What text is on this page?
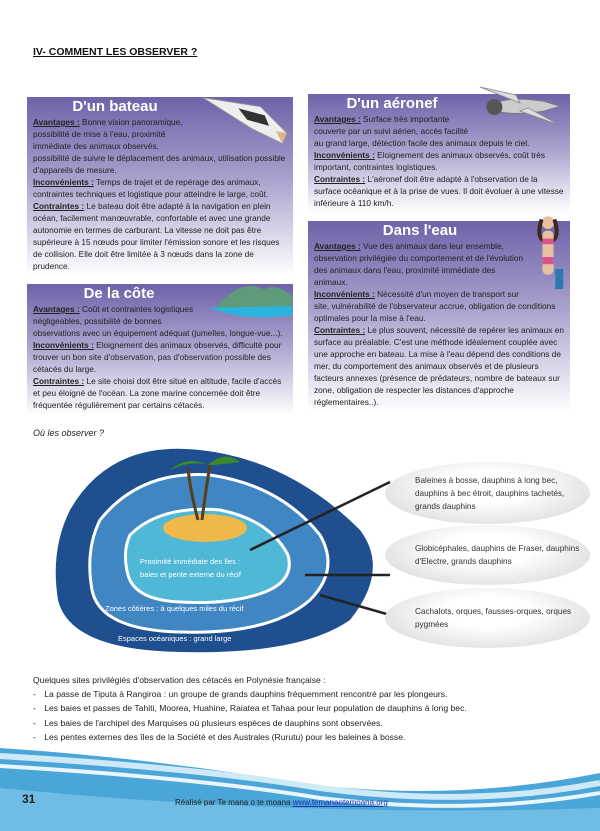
IV- COMMENT LES OBSERVER ?
D'un bateau
Avantages : Bonne vision panoramique, possibilité de mise à l'eau, proximité immédiate des animaux observés, possibilité de suivre le déplacement des animaux, utilisation possible d'appareils de mesure.
Inconvénients : Temps de trajet et de repérage des animaux, contraintes techniques et logistique pour atteindre le large, coût.
Contraintes : Le bateau doit être adapté à la navigation en plein océan, facilement manœuvrable, confortable et avec une grande autonomie en termes de carburant. La vitesse ne doit pas être supérieure à 15 nœuds pour limiter l'émission sonore et les risques de collision. Elle doit être limitée à 3 nœuds dans la zone de prudence.
De la côte
Avantages : Coût et contraintes logistiques négligeables, possibilité de bonnes observations avec un équipement adéquat (jumelles, longue-vue...).
Inconvénients : Eloignement des animaux observés, difficulté pour trouver un bon site d'observation, pas d'observation possible des cétacés du large.
Contraintes : Le site choisi doit être situé en altitude, facile d'accès et peu éloigné de l'océan. La zone marine concernée doit être fréquentée régulièrement par certains cétacés.
D'un aéronef
Avantages : Surface très importante couverte par un suivi aérien, accès facilité au grand large, détection facile des animaux depuis le ciel.
Inconvénients : Eloignement des animaux observés, coût très important, contraintes logistiques.
Contraintes : L'aéronef doit être adapté à l'observation de la surface océanique et à la prise de vues. Il doit évoluer à une vitesse inférieure à 110 km/h.
Dans l'eau
Avantages : Vue des animaux dans leur ensemble, observation privilégiée du comportement et de l'évolution des animaux dans l'eau, proximité immédiate des animaux.
Inconvénients : Nécessité d'un moyen de transport sur site, vulnérabilité de l'observateur accrue, obligation de conditions optimales pour la mise à l'eau.
Contraintes : Le plus souvent, nécessité de repérer les animaux en surface au préalable. C'est une méthode idéalement couplée avec une approche en bateau. La mise à l'eau dépend des conditions de mer, du comportement des animaux observés et de plusieurs facteurs annexes (présence de prédateurs, nombre de bateaux sur zone, obligation de respecter les distances d'approche réglementaires..).
Où les observer ?
Proximité immédiate des îles : baies et pente externe du récif
Zones côtières : à quelques miles du récif
Espaces océaniques : grand large
Baleines à bosse, dauphins à long bec, dauphins à bec étroit, dauphins tachetés, grands dauphins
Globicéphales, dauphins de Fraser, dauphins d'Electre, grands dauphins
Cachalots, orques, fausses-orques, orques pygmées
Quelques sites privilégiés d'observation des cétacés en Polynésie française :
- La passe de Tiputa à Rangiroa : un groupe de grands dauphins fréquemment rencontré par les plongeurs.
- Les baies et passes de Tahiti, Moorea, Huahine, Raiatea et Tahaa pour leur population de dauphins à long bec.
- Les baies de l'archipel des Marquises où plusieurs espèces de dauphins sont observées.
- Les pentes externes des îles de la Société et des Australes (Rurutu) pour les baleines à bosse.
31	Réalisé par Te mana o te moana www.temanaotemoana.org
